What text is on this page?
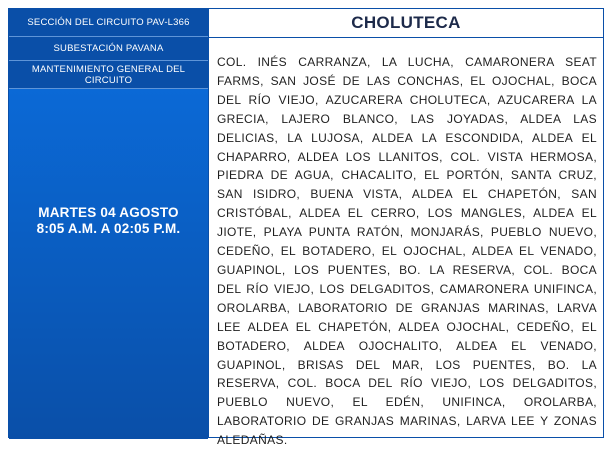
SECCIÓN DEL CIRCUITO PAV-L366
SUBESTACIÓN PAVANA
MANTENIMIENTO GENERAL DEL CIRCUITO
MARTES 04 AGOSTO
8:05 A.M. A 02:05 P.M.
CHOLUTECA
COL. INÉS CARRANZA, LA LUCHA, CAMARONERA SEAT FARMS, SAN JOSÉ DE LAS CONCHAS, EL OJOCHAL, BOCA DEL RÍO VIEJO, AZUCARERA CHOLUTECA, AZUCARERA LA GRECIA, LAJERO BLANCO, LAS JOYADAS, ALDEA LAS DELICIAS, LA LUJOSA, ALDEA LA ESCONDIDA, ALDEA EL CHAPARRO, ALDEA LOS LLANITOS, COL. VISTA HERMOSA, PIEDRA DE AGUA, CHACALITO, EL PORTÓN, SANTA CRUZ, SAN ISIDRO, BUENA VISTA, ALDEA EL CHAPETÓN, SAN CRISTÓBAL, ALDEA EL CERRO, LOS MANGLES, ALDEA EL JIOTE, PLAYA PUNTA RATÓN, MONJARÁS, PUEBLO NUEVO, CEDEÑO, EL BOTADERO, EL OJOCHAL, ALDEA EL VENADO, GUAPINOL, LOS PUENTES, BO. LA RESERVA, COL. BOCA DEL RÍO VIEJO, LOS DELGADITOS, CAMARONERA UNIFINCA, OROLARBA, LABORATORIO DE GRANJAS MARINAS, LARVA LEE ALDEA EL CHAPETÓN, ALDEA OJOCHAL, CEDEÑO, EL BOTADERO, ALDEA OJOCHALITO, ALDEA EL VENADO, GUAPINOL, BRISAS DEL MAR, LOS PUENTES, BO. LA RESERVA, COL. BOCA DEL RÍO VIEJO, LOS DELGADITOS, PUEBLO NUEVO, EL EDÉN, UNIFINCA, OROLARBA, LABORATORIO DE GRANJAS MARINAS, LARVA LEE Y ZONAS ALEDAÑAS.
